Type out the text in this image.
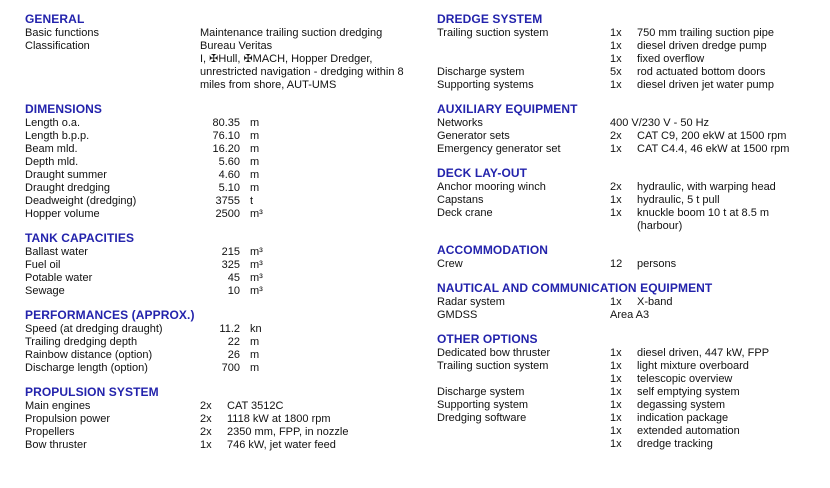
GENERAL
Basic functions	Maintenance trailing suction dredging
Classification	Bureau Veritas
I, ✠Hull, ✠MACH, Hopper Dredger,
unrestricted navigation - dredging within 8
miles from shore, AUT-UMS
DIMENSIONS
Length o.a.	80.35 m
Length b.p.p.	76.10 m
Beam mld.	16.20 m
Depth mld.	5.60 m
Draught summer	4.60 m
Draught dredging	5.10 m
Deadweight (dredging)	3755 t
Hopper volume	2500 m³
TANK CAPACITIES
Ballast water	215 m³
Fuel oil	325 m³
Potable water	45 m³
Sewage	10 m³
PERFORMANCES (APPROX.)
Speed (at dredging draught)	11.2 kn
Trailing dredging depth	22 m
Rainbow distance (option)	26 m
Discharge length (option)	700 m
PROPULSION SYSTEM
Main engines	2x	CAT 3512C
Propulsion power	2x	1118 kW at 1800 rpm
Propellers	2x	2350 mm, FPP, in nozzle
Bow thruster	1x	746 kW, jet water feed
DREDGE SYSTEM
Trailing suction system	1x	750 mm trailing suction pipe
1x	diesel driven dredge pump
1x	fixed overflow
Discharge system	5x	rod actuated bottom doors
Supporting systems	1x	diesel driven jet water pump
AUXILIARY EQUIPMENT
Networks	400 V/230 V - 50 Hz
Generator sets	2x	CAT C9, 200 ekW at 1500 rpm
Emergency generator set	1x	CAT C4.4, 46 ekW at 1500 rpm
DECK LAY-OUT
Anchor mooring winch	2x	hydraulic, with warping head
Capstans	1x	hydraulic, 5 t pull
Deck crane	1x	knuckle boom 10 t at 8.5 m
(harbour)
ACCOMMODATION
Crew	12	persons
NAUTICAL AND COMMUNICATION EQUIPMENT
Radar system	1x	X-band
GMDSS	Area A3
OTHER OPTIONS
Dedicated bow thruster	1x	diesel driven, 447 kW, FPP
Trailing suction system	1x	light mixture overboard
1x	telescopic overview
Discharge system	1x	self emptying system
Supporting system	1x	degassing system
Dredging software	1x	indication package
1x	extended automation
1x	dredge tracking
